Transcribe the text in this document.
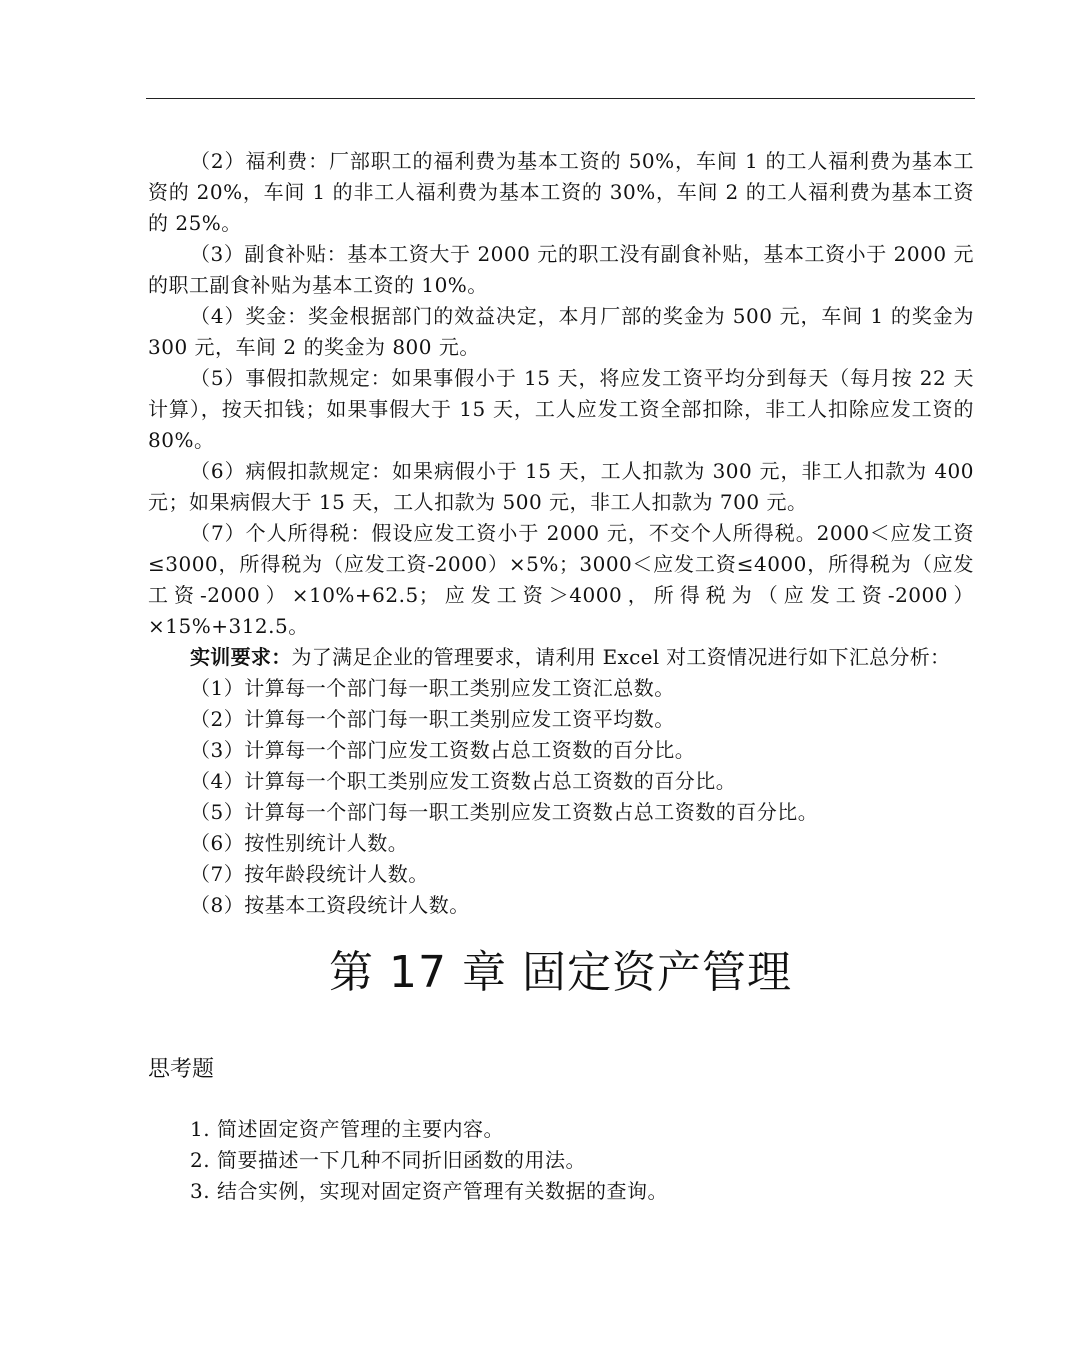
（2）福利费：厂部职工的福利费为基本工资的 50%，车间 1 的工人福利费为基本工资的 20%，车间 1 的非工人福利费为基本工资的 30%，车间 2 的工人福利费为基本工资的 25%。

（3）副食补贴：基本工资大于 2000 元的职工没有副食补贴，基本工资小于 2000 元的职工副食补贴为基本工资的 10%。

（4）奖金：奖金根据部门的效益决定，本月厂部的奖金为 500 元，车间 1 的奖金为 300 元，车间 2 的奖金为 800 元。

（5）事假扣款规定：如果事假小于 15 天，将应发工资平均分到每天（每月按 22 天计算），按天扣钱；如果事假大于 15 天，工人应发工资全部扣除，非工人扣除应发工资的 80%。

（6）病假扣款规定：如果病假小于 15 天，工人扣款为 300 元，非工人扣款为 400 元；如果病假大于 15 天，工人扣款为 500 元，非工人扣款为 700 元。

（7）个人所得税：假设应发工资小于 2000 元，不交个人所得税。2000＜应发工资≤3000，所得税为（应发工资-2000）×5%；3000＜应发工资≤4000，所得税为（应发工资-2000）×10%+62.5；应发工资＞4000，所得税为（应发工资-2000）×15%+312.5。

实训要求：为了满足企业的管理要求，请利用 Excel 对工资情况进行如下汇总分析：

（1）计算每一个部门每一职工类别应发工资汇总数。

（2）计算每一个部门每一职工类别应发工资平均数。

（3）计算每一个部门应发工资数占总工资数的百分比。

（4）计算每一个职工类别应发工资数占总工资数的百分比。

（5）计算每一个部门每一职工类别应发工资数占总工资数的百分比。

（6）按性别统计人数。

（7）按年龄段统计人数。

（8）按基本工资段统计人数。

第 17 章 固定资产管理
思考题
1. 简述固定资产管理的主要内容。
2. 简要描述一下几种不同折旧函数的用法。
3. 结合实例，实现对固定资产管理有关数据的查询。
